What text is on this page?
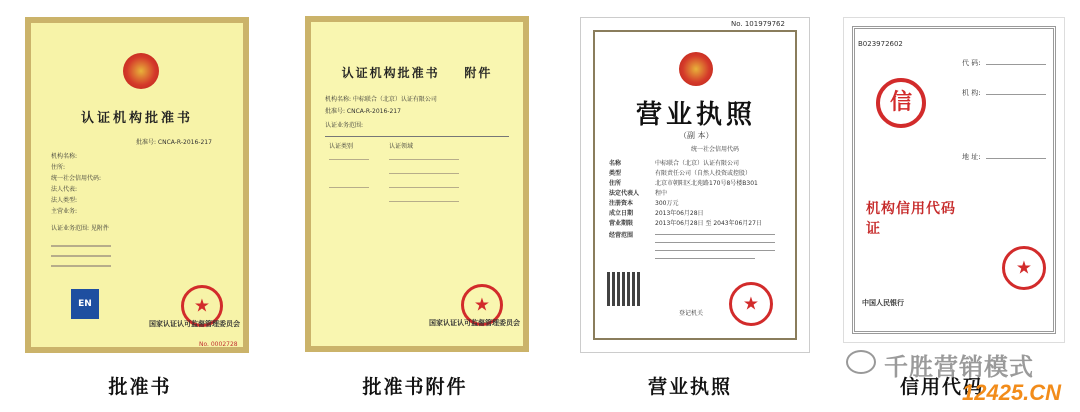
认证机构批准书
批准号: CNCA-R-2016-217
机构名称:
住所:
统一社会信用代码:
法人代表:
法人类型:
主营业务:
认证业务范围: 见附件
EN	★
国家认证认可监督管理委员会
No. 0002728
认证机构批准书    附件
机构名称: 中标联合（北京）认证有限公司
批准号: CNCA-R-2016-217
认证业务范围:
认证类别	认证领域
★
国家认证认可监督管理委员会
No. 101979762
营业执照
（副 本）
统一社会信用代码
名称	中标联合（北京）认证有限公司
类型	有限责任公司（自然人投资或控股）
住所	北京市朝阳区北苑路170号8号楼B301
法定代表人	程中
注册资本	300万元
成立日期	2013年06月28日
营业期限	2013年06月28日 至 2043年06月27日
经营范围
登记机关 ★
B023972602
信
代 码:
机 构:
地 址:
机构信用代码证
★
中国人民银行
批准书	批准书附件	营业执照	信用代码
千胜营销模式
12425.CN
